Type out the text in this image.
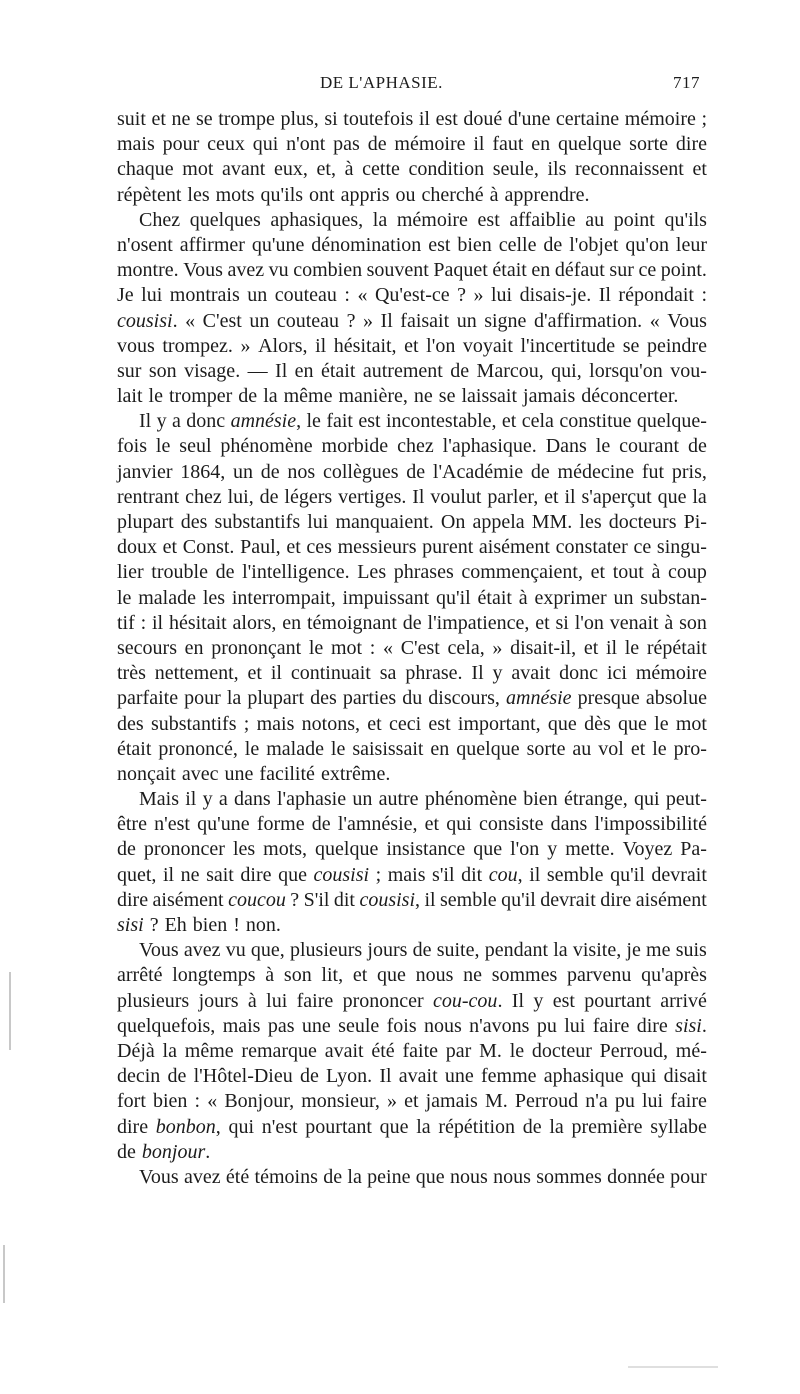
DE L'APHASIE.	717
suit et ne se trompe plus, si toutefois il est doué d'une certaine mémoire ;
mais pour ceux qui n'ont pas de mémoire il faut en quelque sorte dire
chaque mot avant eux, et, à cette condition seule, ils reconnaissent et
répètent les mots qu'ils ont appris ou cherché à apprendre.
Chez quelques aphasiques, la mémoire est affaiblie au point qu'ils
n'osent affirmer qu'une dénomination est bien celle de l'objet qu'on leur
montre. Vous avez vu combien souvent Paquet était en défaut sur ce point.
Je lui montrais un couteau : « Qu'est-ce ? » lui disais-je. Il répondait :
cousisi. « C'est un couteau ? » Il faisait un signe d'affirmation. « Vous
vous trompez. » Alors, il hésitait, et l'on voyait l'incertitude se peindre
sur son visage. — Il en était autrement de Marcou, qui, lorsqu'on vou-
lait le tromper de la même manière, ne se laissait jamais déconcerter.
Il y a donc amnésie, le fait est incontestable, et cela constitue quelque-
fois le seul phénomène morbide chez l'aphasique. Dans le courant de
janvier 1864, un de nos collègues de l'Académie de médecine fut pris,
rentrant chez lui, de légers vertiges. Il voulut parler, et il s'aperçut que la
plupart des substantifs lui manquaient. On appela MM. les docteurs Pi-
doux et Const. Paul, et ces messieurs purent aisément constater ce singu-
lier trouble de l'intelligence. Les phrases commençaient, et tout à coup
le malade les interrompait, impuissant qu'il était à exprimer un substan-
tif : il hésitait alors, en témoignant de l'impatience, et si l'on venait à son
secours en prononçant le mot : « C'est cela, » disait-il, et il le répétait
très nettement, et il continuait sa phrase. Il y avait donc ici mémoire
parfaite pour la plupart des parties du discours, amnésie presque absolue
des substantifs ; mais notons, et ceci est important, que dès que le mot
était prononcé, le malade le saisissait en quelque sorte au vol et le pro-
nonçait avec une facilité extrême.
Mais il y a dans l'aphasie un autre phénomène bien étrange, qui peut-
être n'est qu'une forme de l'amnésie, et qui consiste dans l'impossibilité
de prononcer les mots, quelque insistance que l'on y mette. Voyez Pa-
quet, il ne sait dire que cousisi ; mais s'il dit cou, il semble qu'il devrait
dire aisément coucou ? S'il dit cousisi, il semble qu'il devrait dire aisément
sisi ? Eh bien ! non.
Vous avez vu que, plusieurs jours de suite, pendant la visite, je me suis
arrêté longtemps à son lit, et que nous ne sommes parvenu qu'après
plusieurs jours à lui faire prononcer cou-cou. Il y est pourtant arrivé
quelquefois, mais pas une seule fois nous n'avons pu lui faire dire sisi.
Déjà la même remarque avait été faite par M. le docteur Perroud, mé-
decin de l'Hôtel-Dieu de Lyon. Il avait une femme aphasique qui disait
fort bien : « Bonjour, monsieur, » et jamais M. Perroud n'a pu lui faire
dire bonbon, qui n'est pourtant que la répétition de la première syllabe
de bonjour.
Vous avez été témoins de la peine que nous nous sommes donnée pour
